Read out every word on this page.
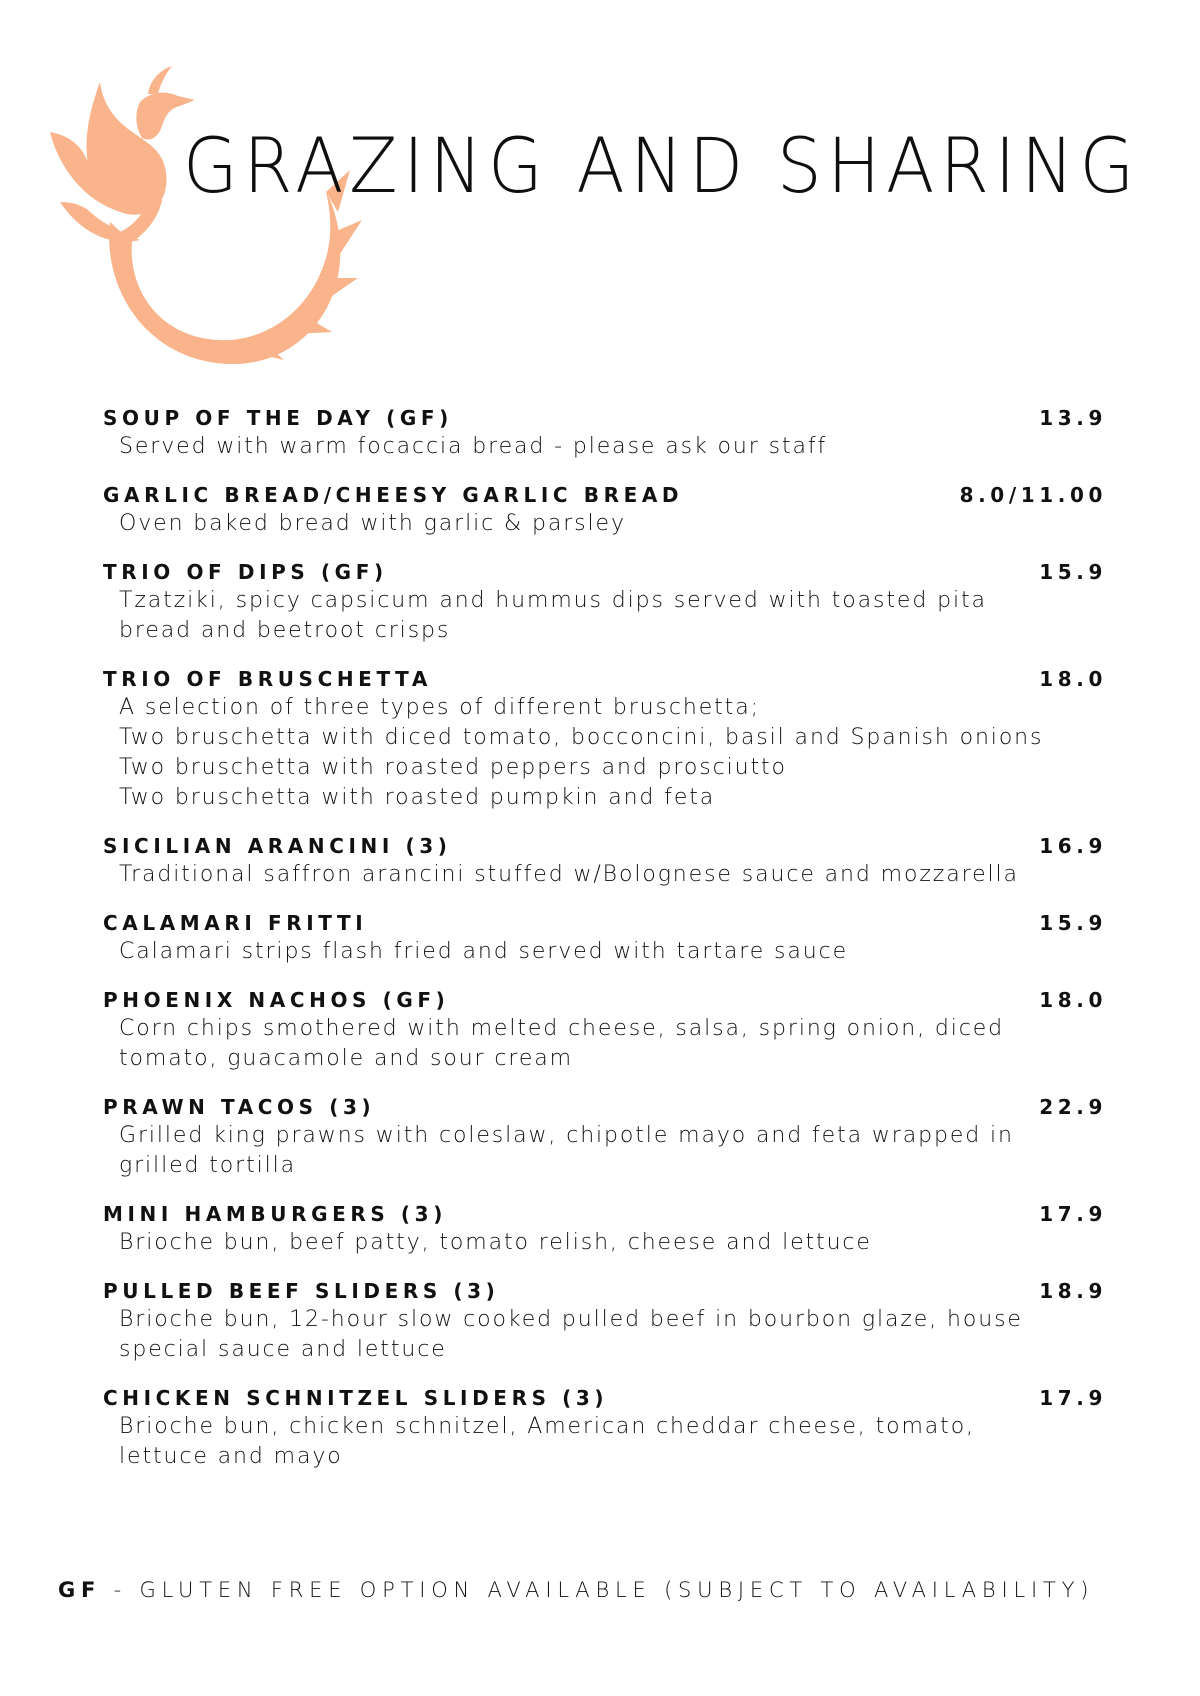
GRAZING AND SHARING
SOUP OF THE DAY (GF)	13.9

Served with warm focaccia bread - please ask our staff

GARLIC BREAD/CHEESY GARLIC BREAD	8.0/11.00

Oven baked bread with garlic & parsley

TRIO OF DIPS (GF)	15.9

Tzatziki, spicy capsicum and hummus dips served with toasted pita
bread and beetroot crisps

TRIO OF BRUSCHETTA	18.0

A selection of three types of different bruschetta;
Two bruschetta with diced tomato, bocconcini, basil and Spanish onions
Two bruschetta with roasted peppers and prosciutto
Two bruschetta with roasted pumpkin and feta

SICILIAN ARANCINI (3)	16.9

Traditional saffron arancini stuffed w/Bolognese sauce and mozzarella

CALAMARI FRITTI	15.9

Calamari strips flash fried and served with tartare sauce

PHOENIX NACHOS (GF)	18.0

Corn chips smothered with melted cheese, salsa, spring onion, diced
tomato, guacamole and sour cream

PRAWN TACOS (3)	22.9

Grilled king prawns with coleslaw, chipotle mayo and feta wrapped in
grilled tortilla

MINI HAMBURGERS (3)	17.9

Brioche bun, beef patty, tomato relish, cheese and lettuce

PULLED BEEF SLIDERS (3)	18.9

Brioche bun, 12-hour slow cooked pulled beef in bourbon glaze, house
special sauce and lettuce

CHICKEN SCHNITZEL SLIDERS (3)	17.9

Brioche bun, chicken schnitzel, American cheddar cheese, tomato,
lettuce and mayo

GF - GLUTEN FREE OPTION AVAILABLE (SUBJECT TO AVAILABILITY)
